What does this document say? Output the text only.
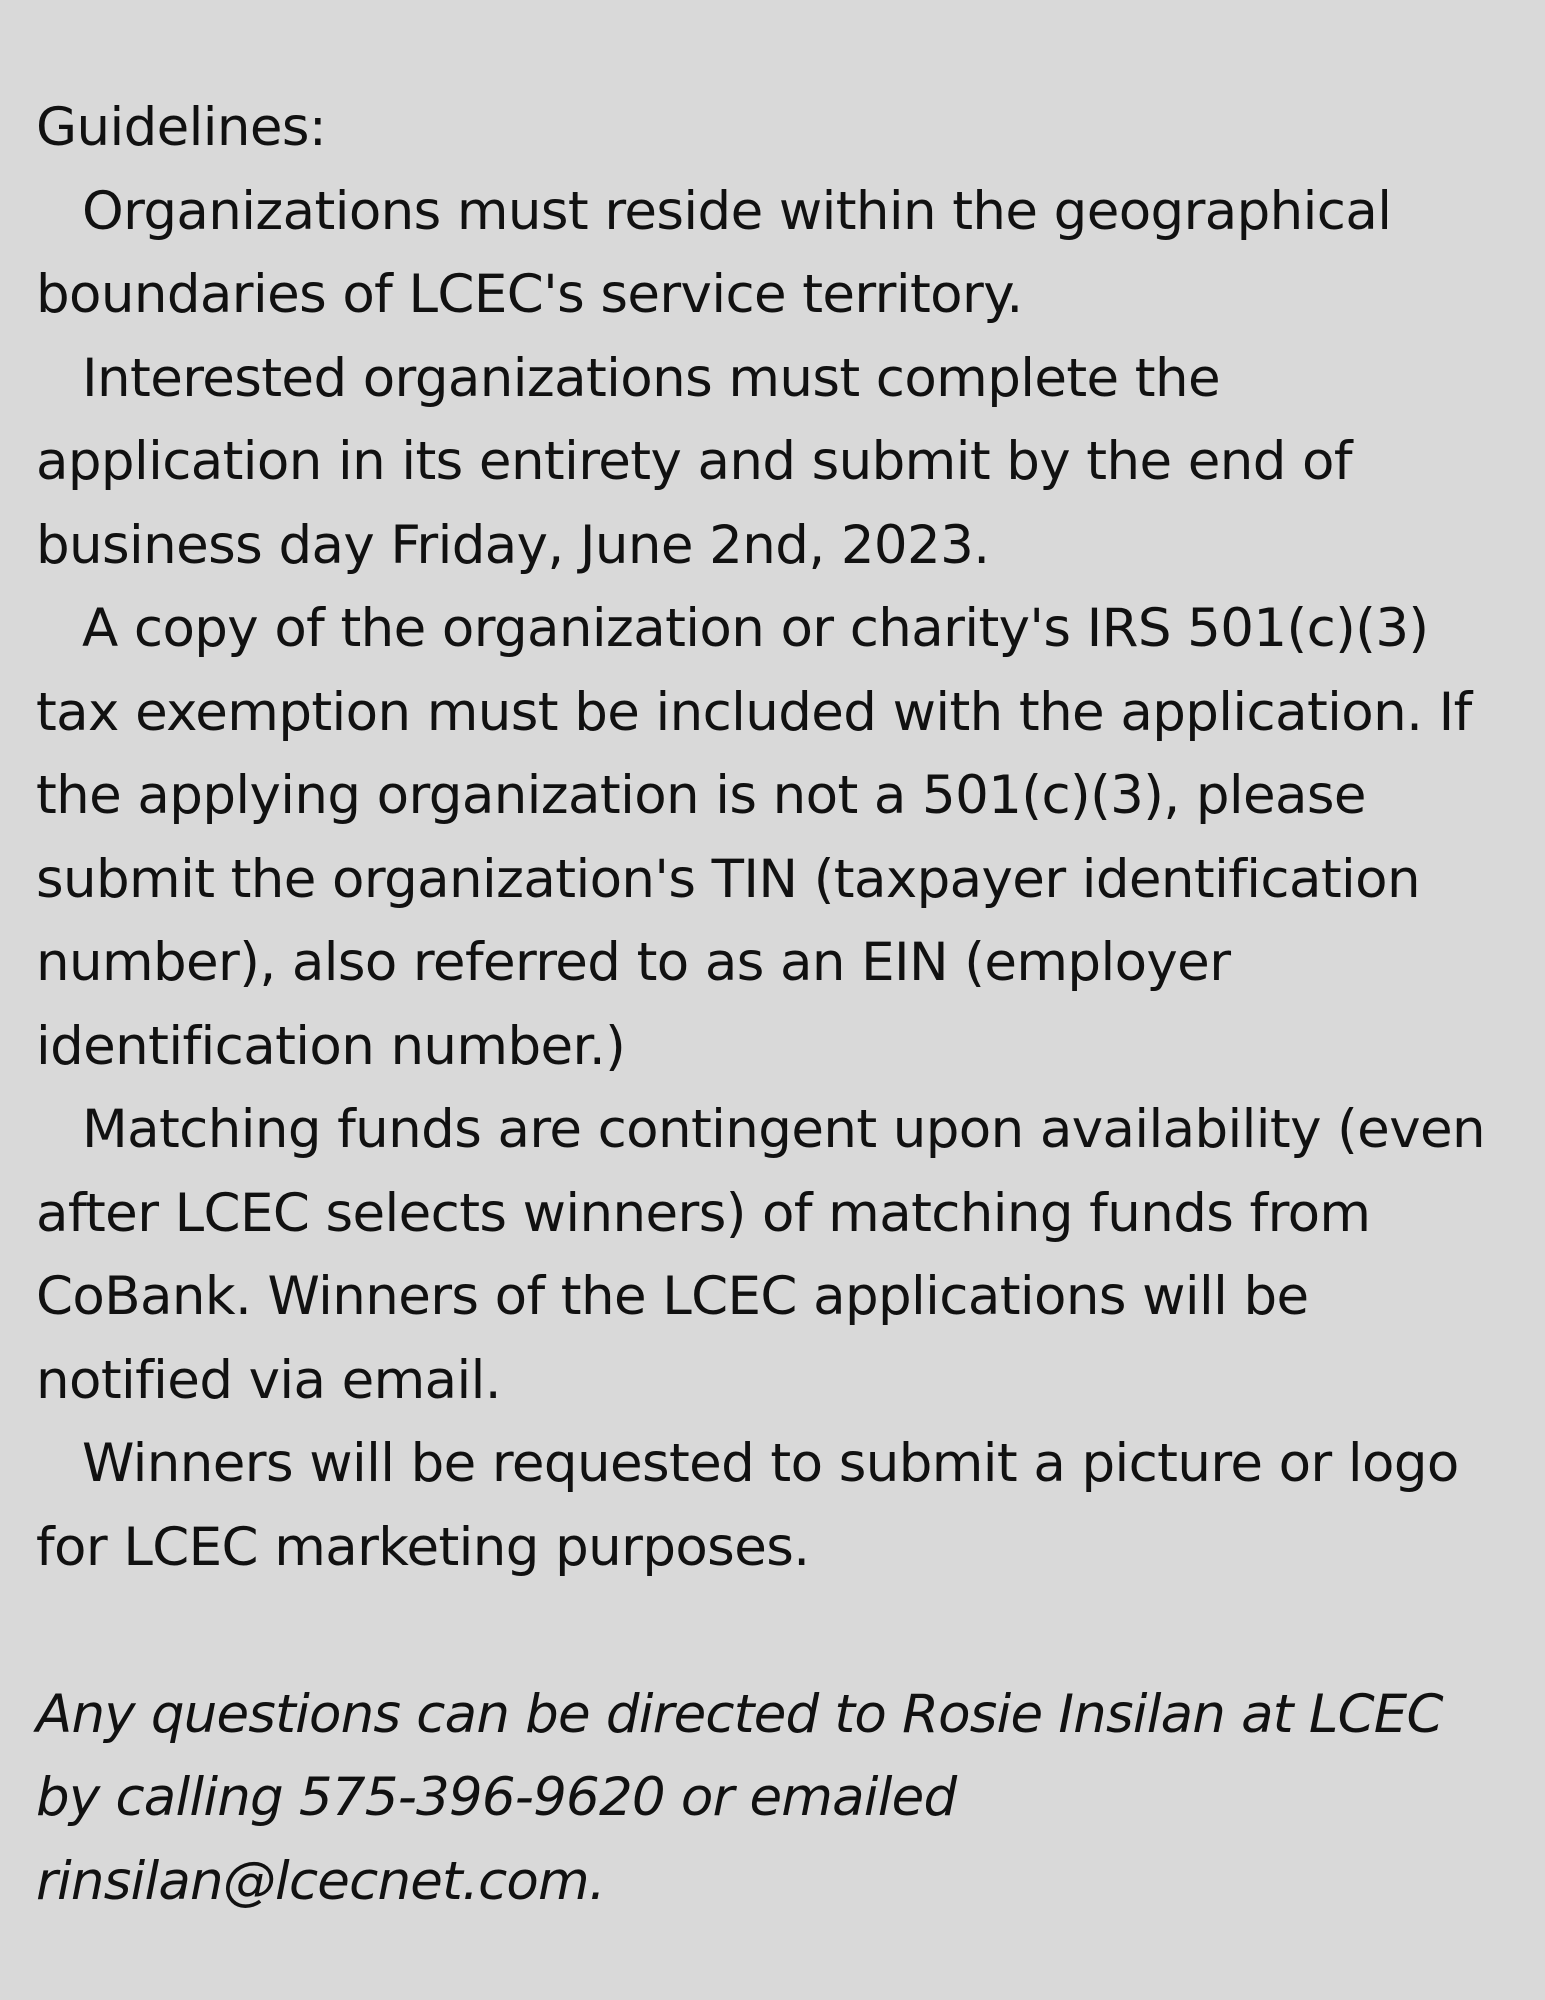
Guidelines:

Organizations must reside within the geographical boundaries of LCEC's service territory.

Interested organizations must complete the application in its entirety and submit by the end of business day Friday, June 2nd, 2023.

A copy of the organization or charity's IRS 501(c)(3) tax exemption must be included with the application. If the applying organization is not a 501(c)(3), please submit the organization's TIN (taxpayer identification number), also referred to as an EIN (employer identification number.)

Matching funds are contingent upon availability (even after LCEC selects winners) of matching funds from CoBank. Winners of the LCEC applications will be notified via email.

Winners will be requested to submit a picture or logo for LCEC marketing purposes.

Any questions can be directed to Rosie Insilan at LCEC by calling 575-396-9620 or emailed rinsilan@lcecnet.com.
